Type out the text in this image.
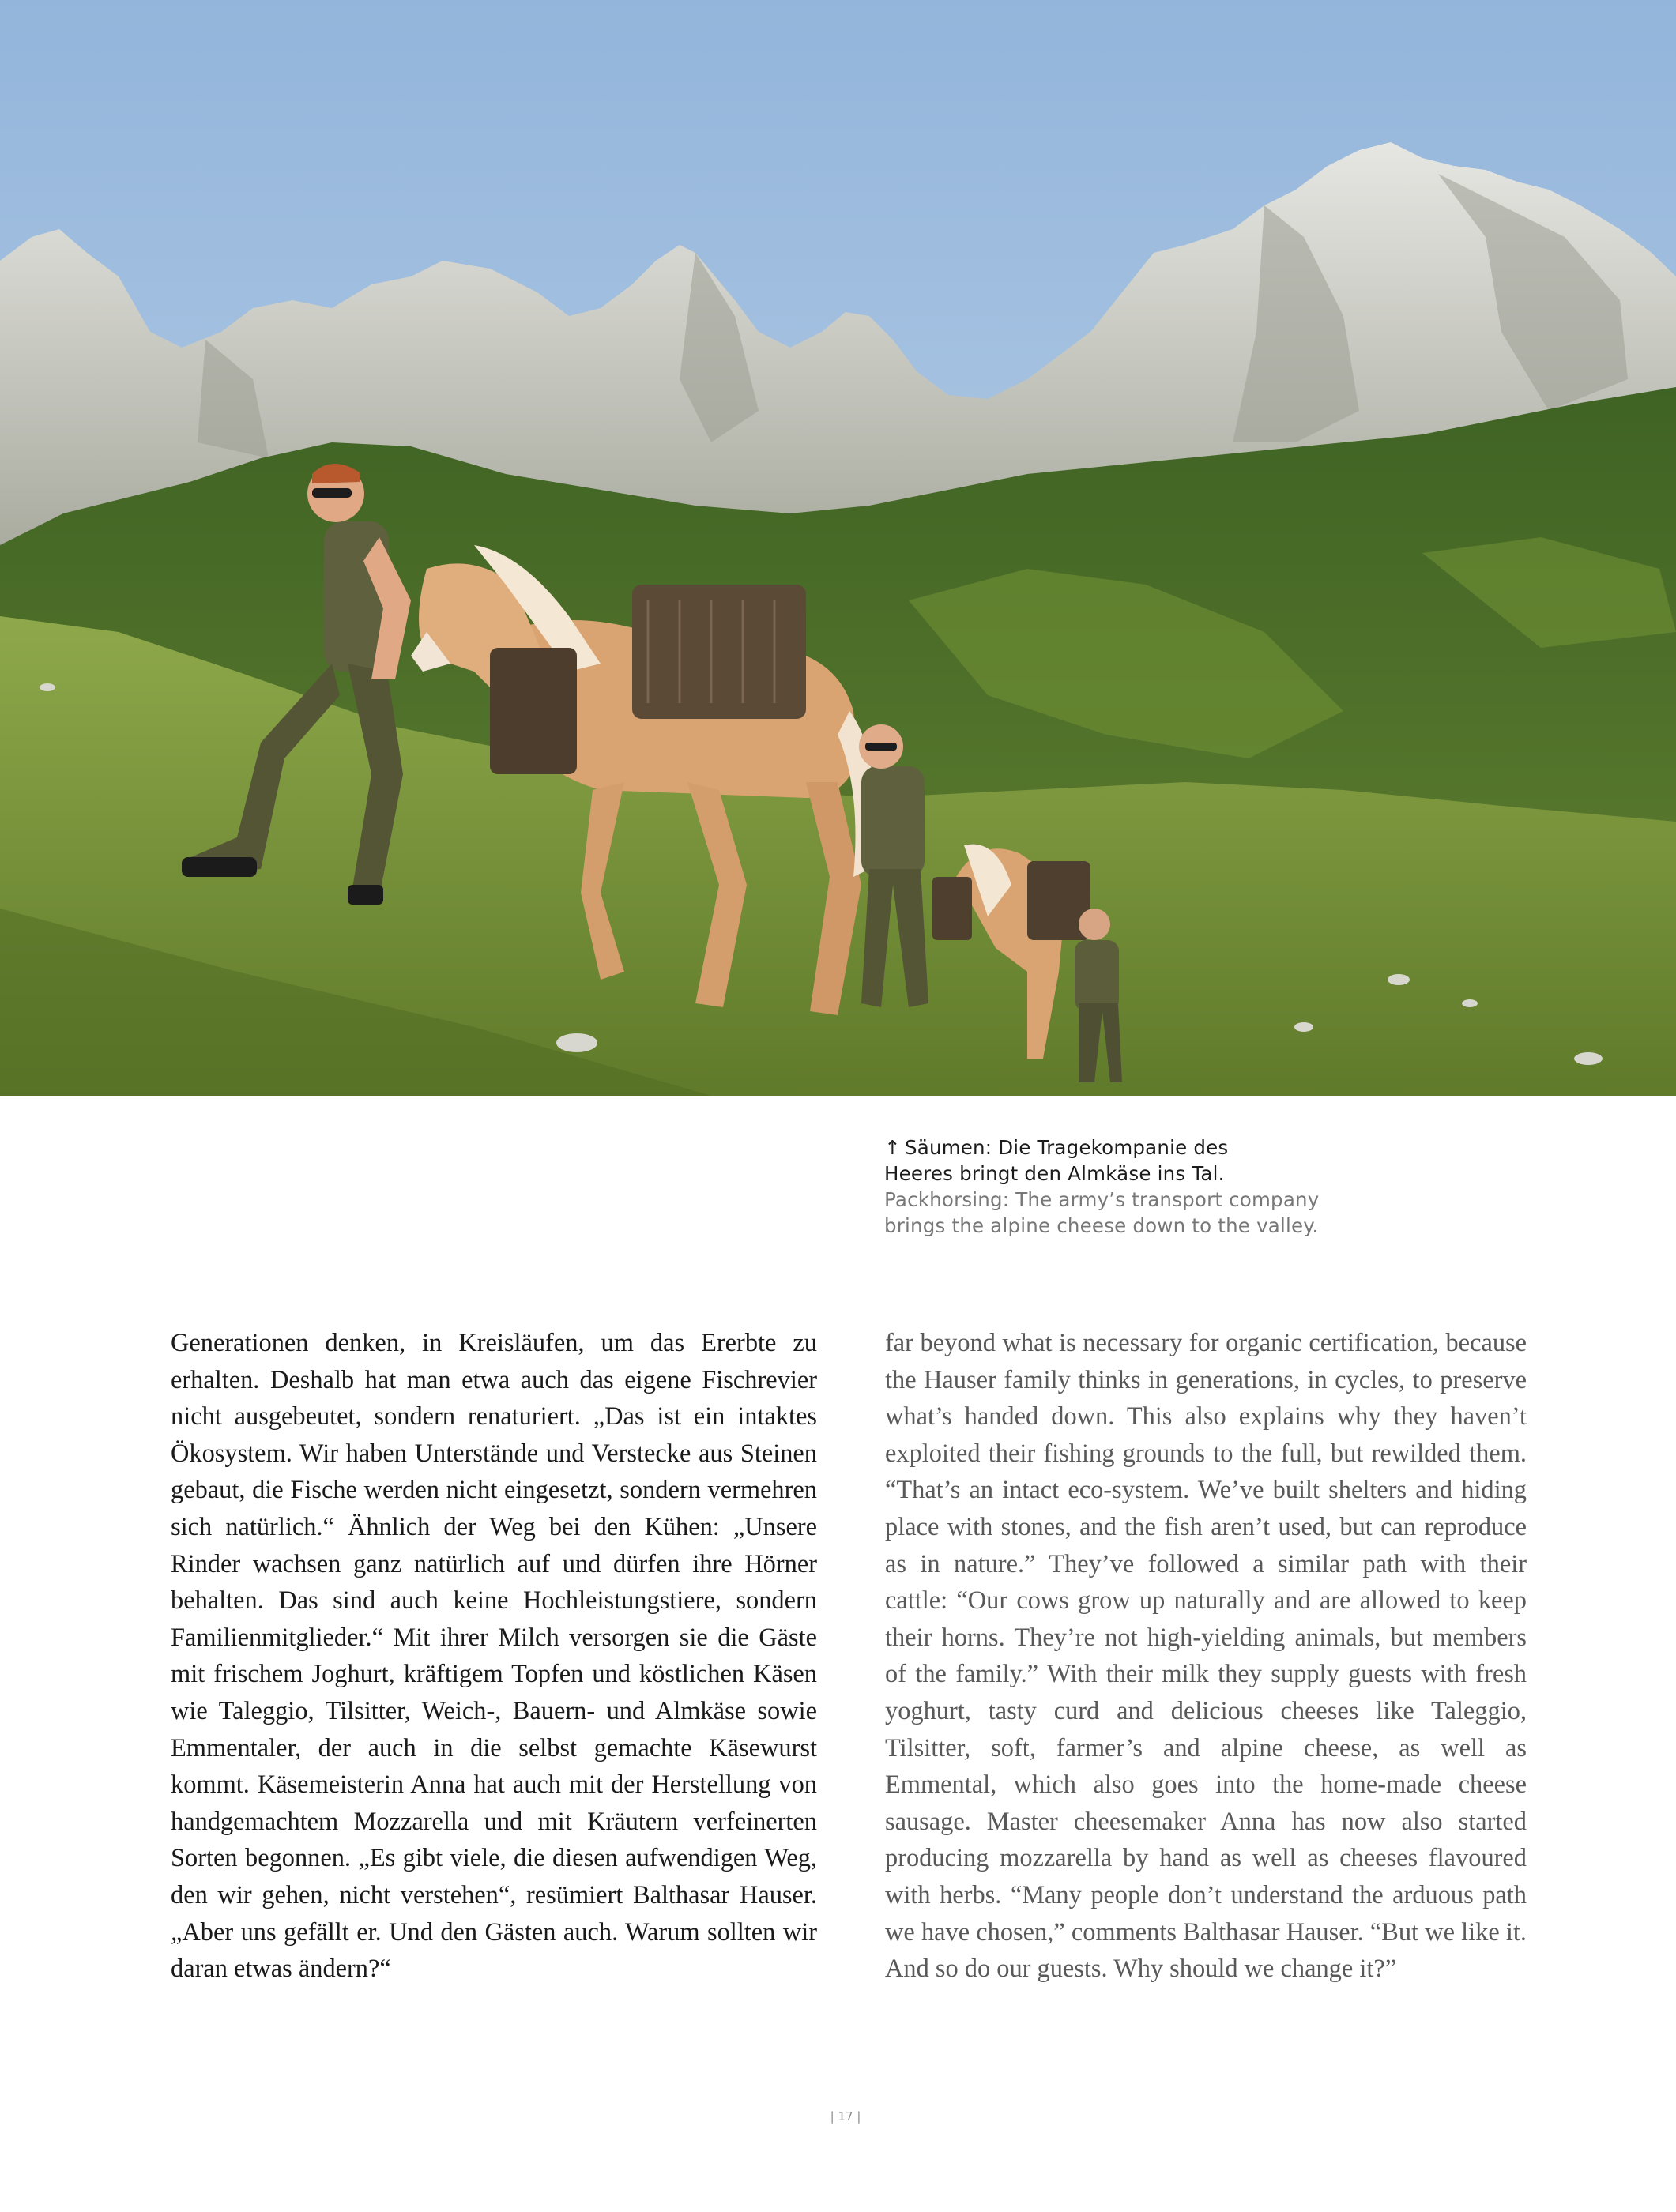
↑ Säumen: Die Tragekompanie des
Heeres bringt den Almkäse ins Tal.
Packhorsing: The army’s transport company
brings the alpine cheese down to the valley.

Generationen denken, in Kreisläufen, um das Ererbte zu erhalten. Deshalb hat man etwa auch das eigene Fischrevier nicht ausgebeutet, sondern renaturiert. „Das ist ein intaktes Ökosystem. Wir haben Unterstände und Verstecke aus Steinen gebaut, die Fische werden nicht eingesetzt, sondern vermehren sich natürlich.“ Ähnlich der Weg bei den Kühen: „Unsere Rinder wachsen ganz natürlich auf und dürfen ihre Hörner behalten. Das sind auch keine Hochleistungstiere, sondern Familienmitglieder.“ Mit ihrer Milch versorgen sie die Gäste mit frischem Joghurt, kräftigem Topfen und köstlichen Käsen wie Taleggio, Tilsitter, Weich-, Bauern- und Almkäse sowie Emmentaler, der auch in die selbst gemachte Käsewurst kommt. Käsemeisterin Anna hat auch mit der Herstellung von handgemachtem Mozzarella und mit Kräutern verfeinerten Sorten begonnen. „Es gibt viele, die diesen aufwendigen Weg, den wir gehen, nicht verstehen“, resümiert Balthasar Hauser. „Aber uns gefällt er. Und den Gästen auch. Warum sollten wir daran etwas ändern?“

far beyond what is necessary for organic certification, because the Hauser family thinks in generations, in cycles, to preserve what’s handed down. This also explains why they haven’t exploited their fishing grounds to the full, but rewilded them. “That’s an intact eco-system. We’ve built shelters and hiding place with stones, and the fish aren’t used, but can reproduce as in nature.” They’ve followed a similar path with their cattle: “Our cows grow up naturally and are allowed to keep their horns. They’re not high-yielding animals, but members of the family.” With their milk they supply guests with fresh yoghurt, tasty curd and delicious cheeses like Taleggio, Tilsitter, soft, farmer’s and alpine cheese, as well as Emmental, which also goes into the home-made cheese sausage. Master cheesemaker Anna has now also started producing mozzarella by hand as well as cheeses flavoured with herbs. “Many people don’t understand the arduous path we have chosen,” comments Balthasar Hauser. “But we like it. And so do our guests. Why should we change it?”

| 17 |
